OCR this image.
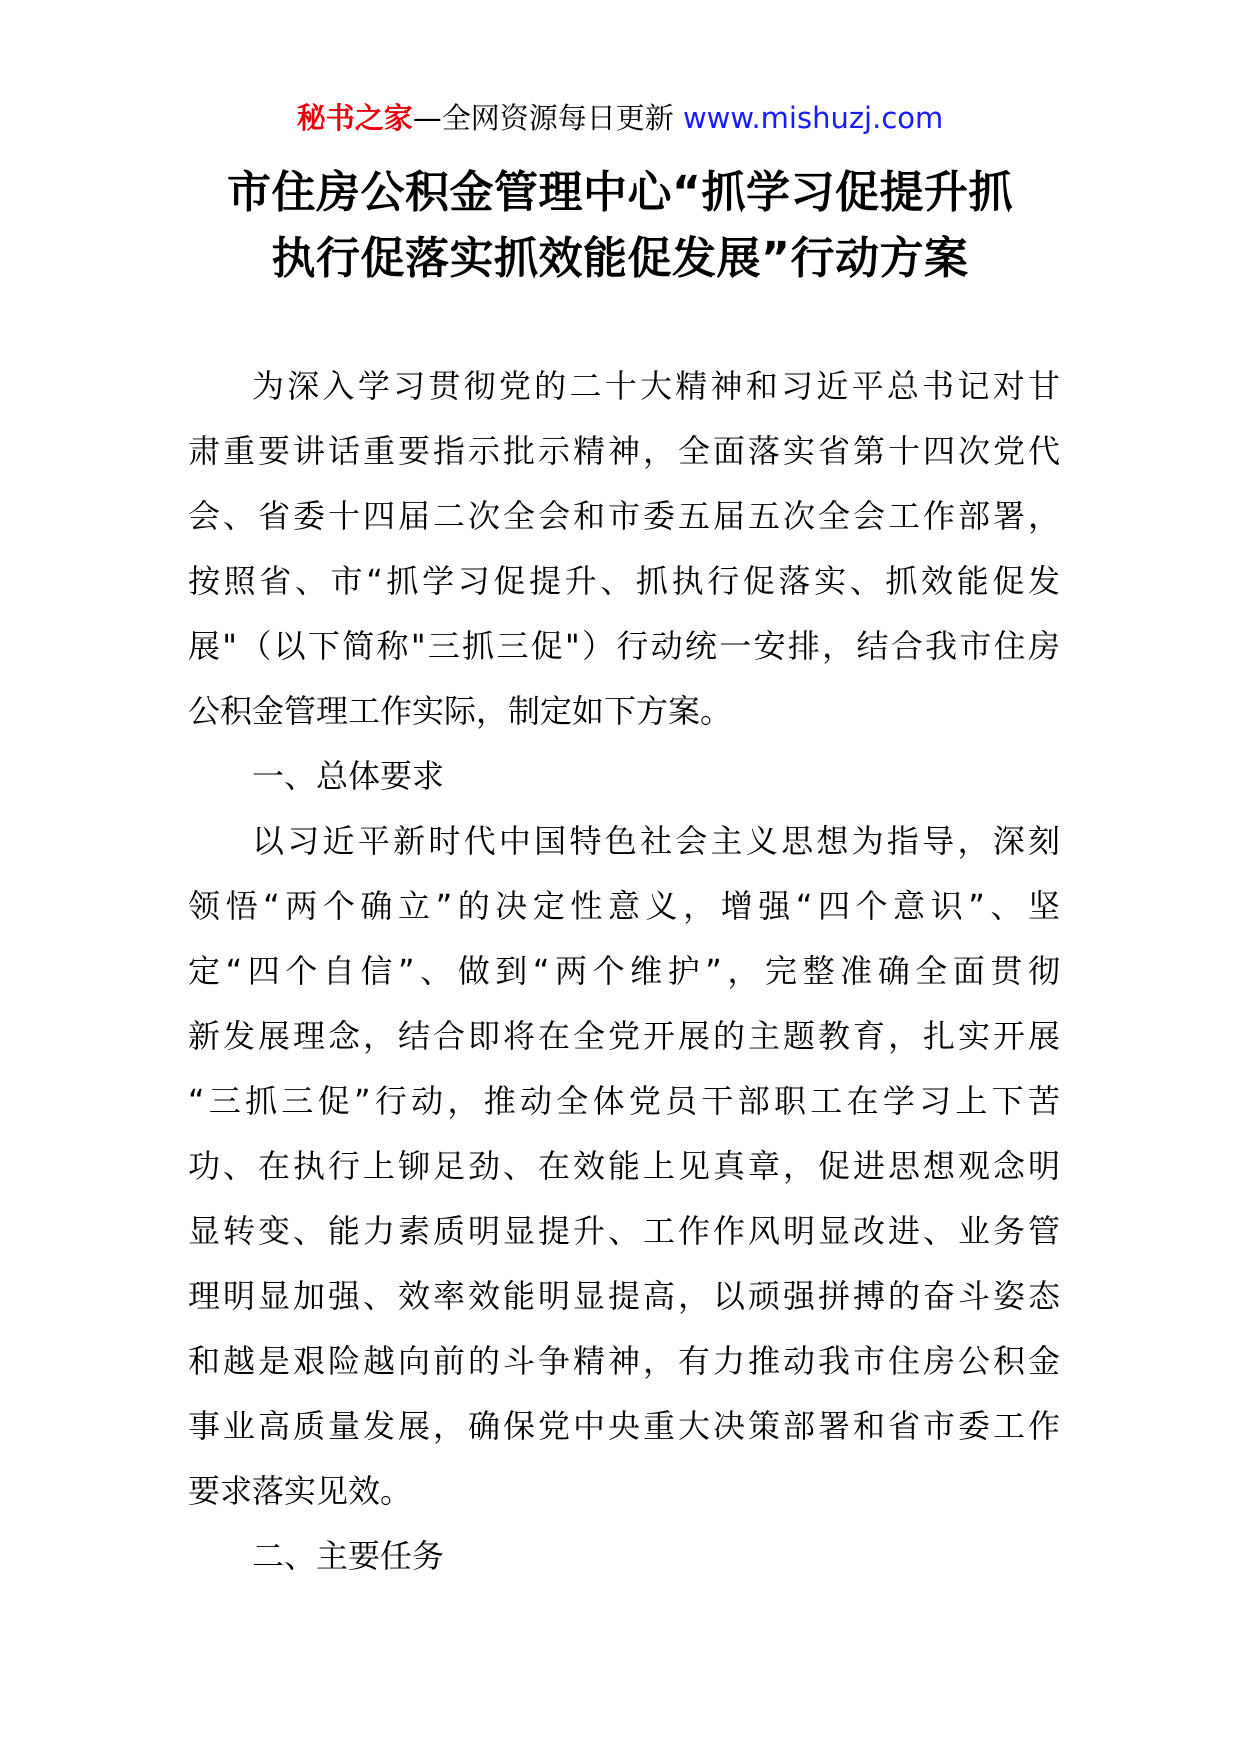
秘书之家—全网资源每日更新 www.mishuzj.com
市住房公积金管理中心“抓学习促提升抓
执行促落实抓效能促发展”行动方案
为深入学习贯彻党的二十大精神和习近平总书记对甘
肃重要讲话重要指示批示精神，全面落实省第十四次党代
会、省委十四届二次全会和市委五届五次全会工作部署，
按照省、市“抓学习促提升、抓执行促落实、抓效能促发
展"（以下简称"三抓三促"）行动统一安排，结合我市住房
公积金管理工作实际，制定如下方案。
一、总体要求
以习近平新时代中国特色社会主义思想为指导，深刻
领悟“两个确立”的决定性意义，增强“四个意识”、坚
定“四个自信”、做到“两个维护”，完整准确全面贯彻
新发展理念，结合即将在全党开展的主题教育，扎实开展
“三抓三促”行动，推动全体党员干部职工在学习上下苦
功、在执行上铆足劲、在效能上见真章，促进思想观念明
显转变、能力素质明显提升、工作作风明显改进、业务管
理明显加强、效率效能明显提高，以顽强拼搏的奋斗姿态
和越是艰险越向前的斗争精神，有力推动我市住房公积金
事业高质量发展，确保党中央重大决策部署和省市委工作
要求落实见效。
二、主要任务
